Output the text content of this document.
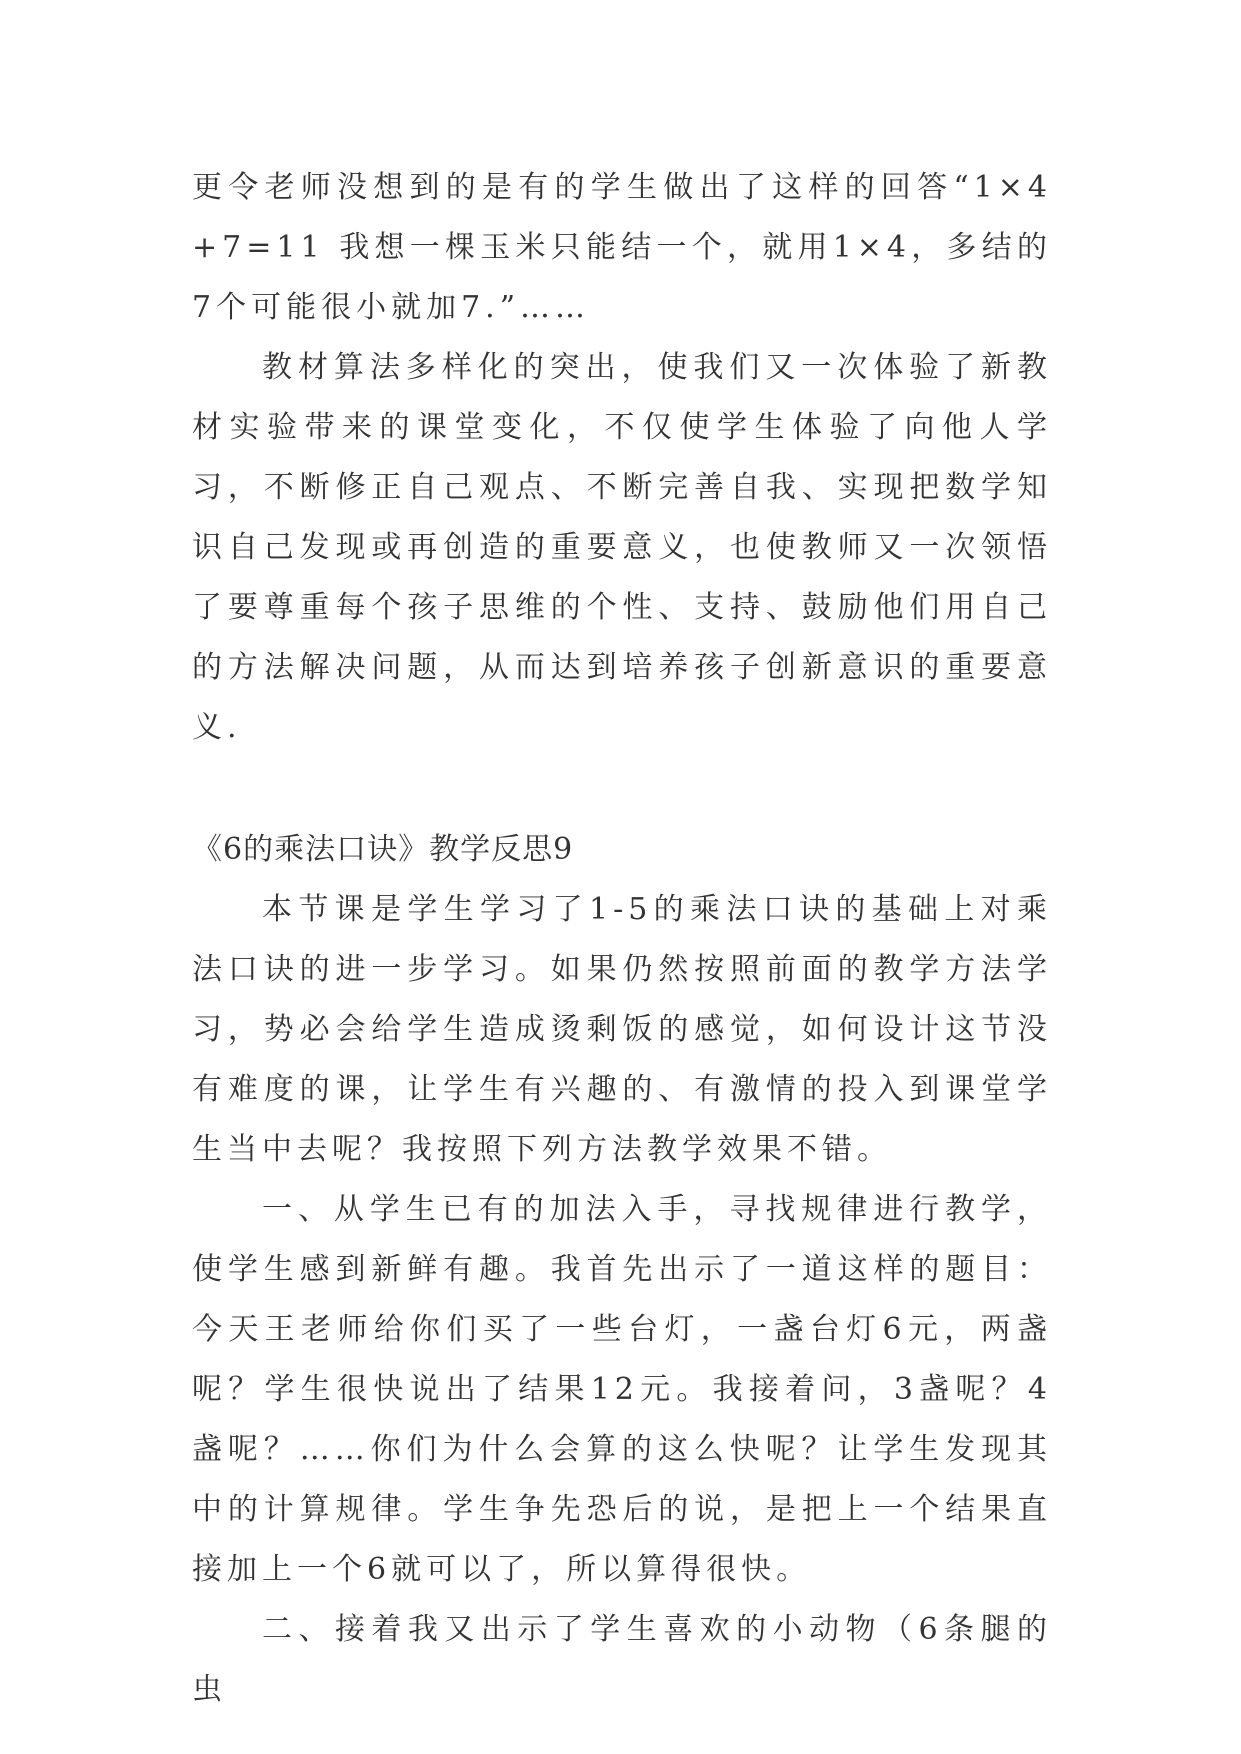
更令老师没想到的是有的学生做出了这样的回答“1×4+7=11 我想一棵玉米只能结一个，就用1×4，多结的7个可能很小就加7.”……

教材算法多样化的突出，使我们又一次体验了新教材实验带来的课堂变化，不仅使学生体验了向他人学习，不断修正自己观点、不断完善自我、实现把数学知识自己发现或再创造的重要意义，也使教师又一次领悟了要尊重每个孩子思维的个性、支持、鼓励他们用自己的方法解决问题，从而达到培养孩子创新意识的重要意义.

《6的乘法口诀》教学反思9

本节课是学生学习了1-5的乘法口诀的基础上对乘法口诀的进一步学习。如果仍然按照前面的教学方法学习，势必会给学生造成烫剩饭的感觉，如何设计这节没有难度的课，让学生有兴趣的、有激情的投入到课堂学生当中去呢？我按照下列方法教学效果不错。

一、从学生已有的加法入手，寻找规律进行教学，使学生感到新鲜有趣。我首先出示了一道这样的题目：今天王老师给你们买了一些台灯，一盏台灯6元，两盏呢？学生很快说出了结果12元。我接着问，3盏呢？4盏呢？……你们为什么会算的这么快呢？让学生发现其中的计算规律。学生争先恐后的说，是把上一个结果直接加上一个6就可以了，所以算得很快。

二、接着我又出示了学生喜欢的小动物（6条腿的虫
